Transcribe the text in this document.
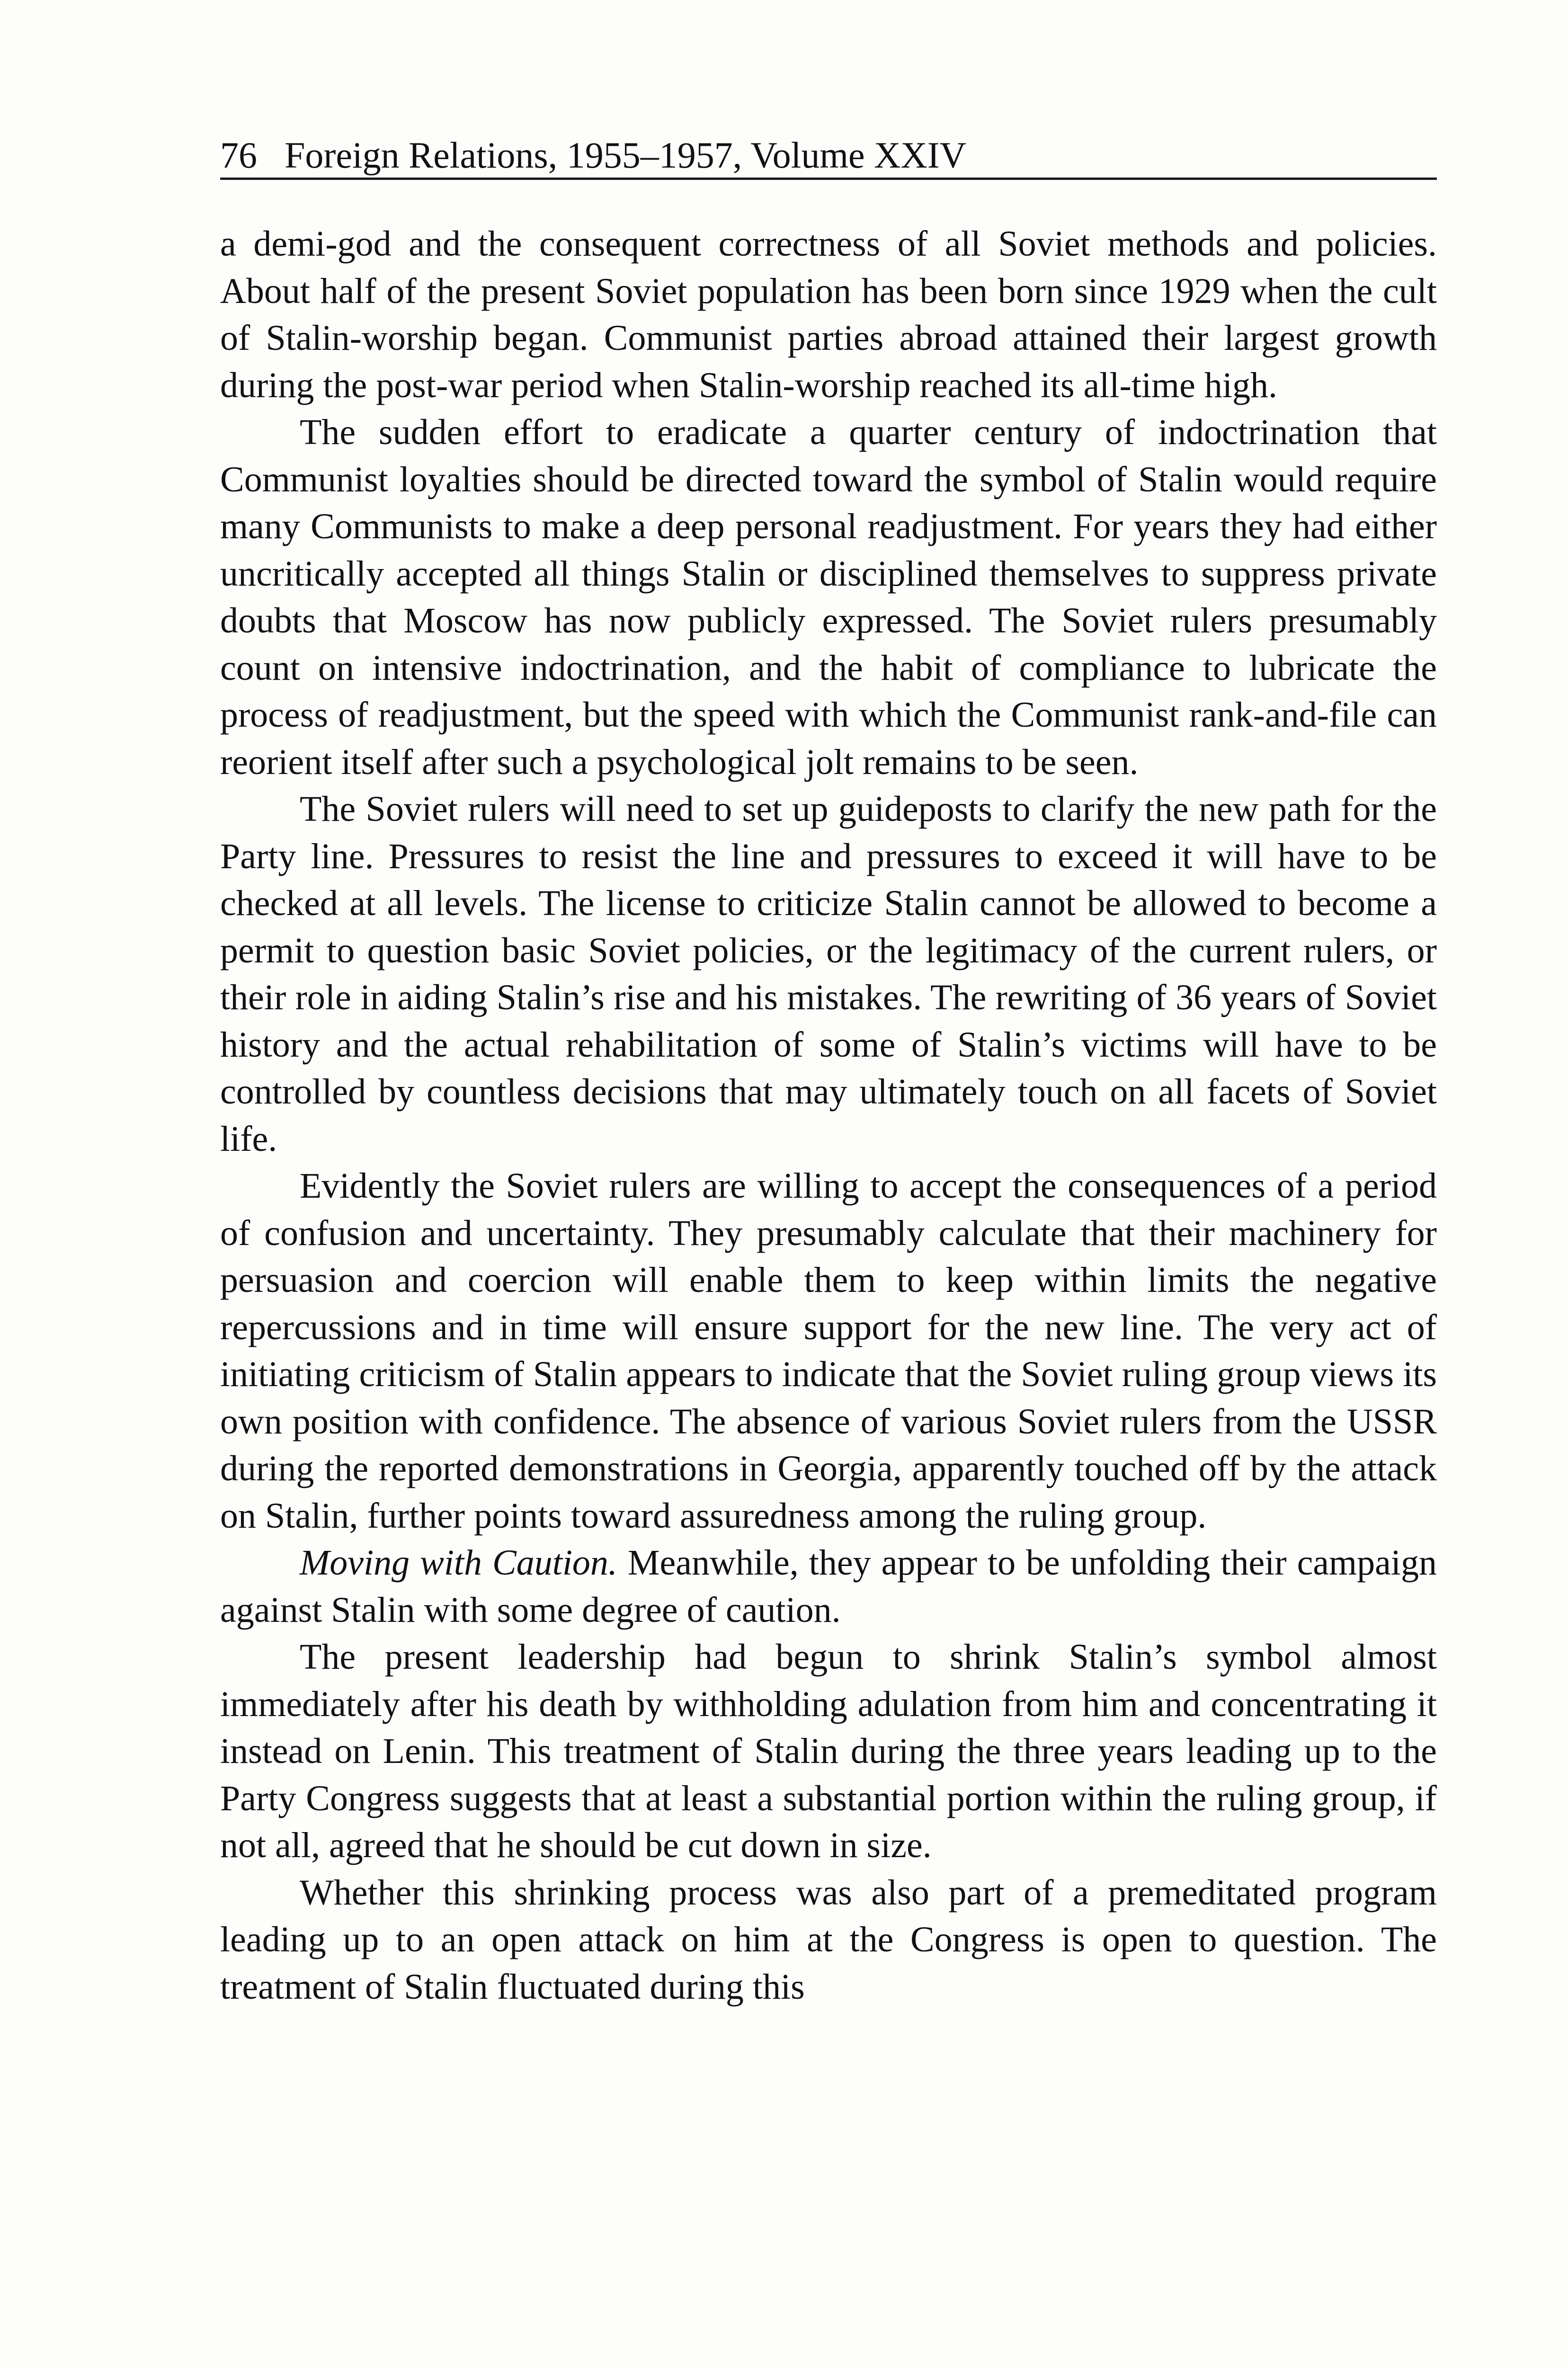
76 Foreign Relations, 1955–1957, Volume XXIV

a demi-god and the consequent correctness of all Soviet methods and policies. About half of the present Soviet population has been born since 1929 when the cult of Stalin-worship began. Communist parties abroad attained their largest growth during the post-war period when Stalin-worship reached its all-time high.

The sudden effort to eradicate a quarter century of indoctrination that Communist loyalties should be directed toward the symbol of Stalin would require many Communists to make a deep personal readjustment. For years they had either uncritically accepted all things Stalin or disciplined themselves to suppress private doubts that Moscow has now publicly expressed. The Soviet rulers presumably count on intensive indoctrination, and the habit of compliance to lubricate the process of readjustment, but the speed with which the Communist rank-and-file can reorient itself after such a psychological jolt remains to be seen.

The Soviet rulers will need to set up guideposts to clarify the new path for the Party line. Pressures to resist the line and pressures to exceed it will have to be checked at all levels. The license to criticize Stalin cannot be allowed to become a permit to question basic Soviet policies, or the legitimacy of the current rulers, or their role in aiding Stalin’s rise and his mistakes. The rewriting of 36 years of Soviet history and the actual rehabilitation of some of Stalin’s victims will have to be controlled by countless decisions that may ultimately touch on all facets of Soviet life.

Evidently the Soviet rulers are willing to accept the consequences of a period of confusion and uncertainty. They presumably calculate that their machinery for persuasion and coercion will enable them to keep within limits the negative repercussions and in time will ensure support for the new line. The very act of initiating criticism of Stalin appears to indicate that the Soviet ruling group views its own position with confidence. The absence of various Soviet rulers from the USSR during the reported demonstrations in Georgia, apparently touched off by the attack on Stalin, further points toward assuredness among the ruling group.

Moving with Caution. Meanwhile, they appear to be unfolding their campaign against Stalin with some degree of caution.

The present leadership had begun to shrink Stalin’s symbol almost immediately after his death by withholding adulation from him and concentrating it instead on Lenin. This treatment of Stalin during the three years leading up to the Party Congress suggests that at least a substantial portion within the ruling group, if not all, agreed that he should be cut down in size.

Whether this shrinking process was also part of a premeditated program leading up to an open attack on him at the Congress is open to question. The treatment of Stalin fluctuated during this
